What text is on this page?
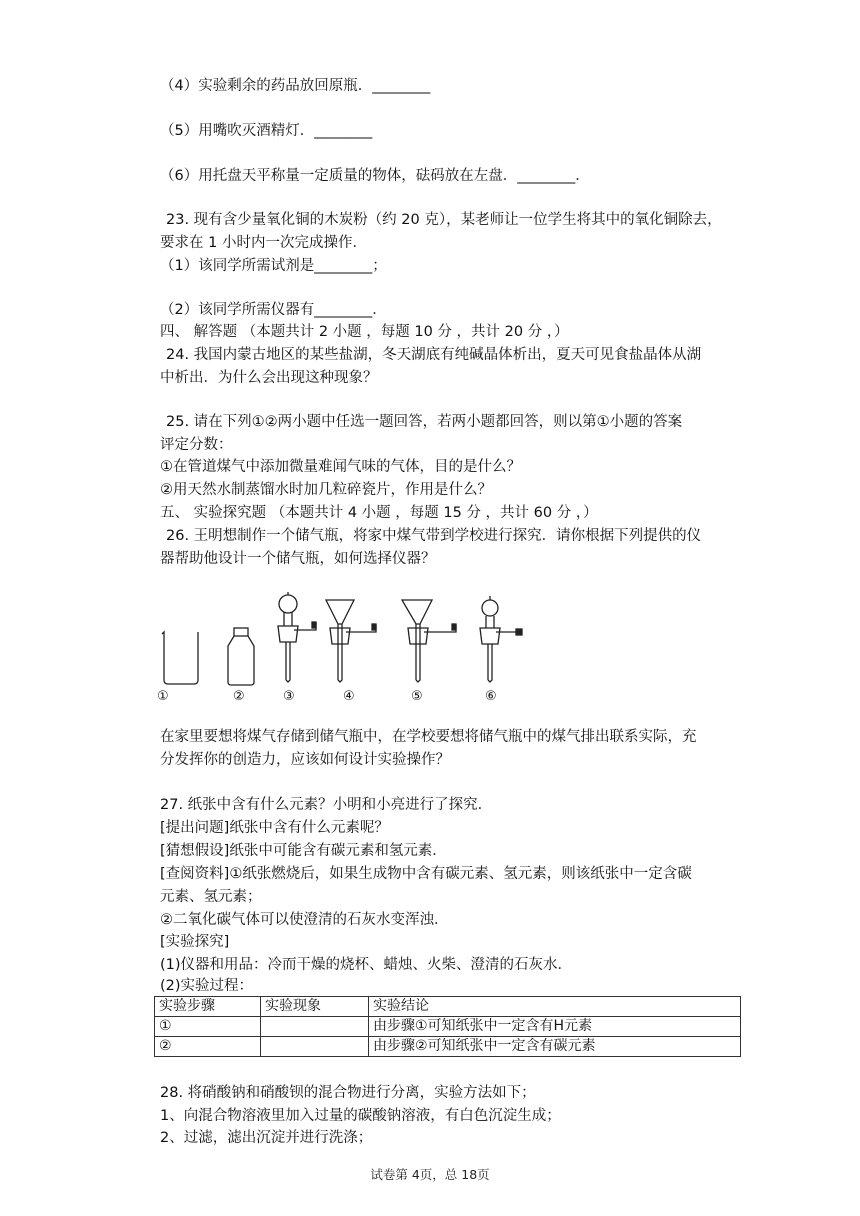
（4）实验剩余的药品放回原瓶．________
（5）用嘴吹灭酒精灯．________
（6）用托盘天平称量一定质量的物体，砝码放在左盘．________．
23. 现有含少量氧化铜的木炭粉（约 20 克），某老师让一位学生将其中的氧化铜除去，
要求在 1 小时内一次完成操作．
（1）该同学所需试剂是________；
（2）该同学所需仪器有________．
四、 解答题 （本题共计 2 小题 ，每题 10 分 ，共计 20 分 ，）
24. 我国内蒙古地区的某些盐湖，冬天湖底有纯碱晶体析出，夏天可见食盐晶体从湖
中析出．为什么会出现这种现象？
25. 请在下列①②两小题中任选一题回答，若两小题都回答，则以第①小题的答案
评定分数：
①在管道煤气中添加微量难闻气味的气体，目的是什么？
②用天然水制蒸馏水时加几粒碎瓷片，作用是什么？
五、 实验探究题 （本题共计 4 小题 ，每题 15 分 ，共计 60 分 ，）
26. 王明想制作一个储气瓶，将家中煤气带到学校进行探究．请你根据下列提供的仪
器帮助他设计一个储气瓶，如何选择仪器？
①	②	③	④	⑤	⑥
在家里要想将煤气存储到储气瓶中，在学校要想将储气瓶中的煤气排出联系实际，充
分发挥你的创造力，应该如何设计实验操作？
27. 纸张中含有什么元素？小明和小亮进行了探究．
[提出问题]纸张中含有什么元素呢？
[猜想假设]纸张中可能含有碳元素和氢元素．
[查阅资料]①纸张燃烧后，如果生成物中含有碳元素、氢元素，则该纸张中一定含碳
元素、氢元素；
②二氧化碳气体可以使澄清的石灰水变浑浊．
[实验探究]
(1)仪器和用品：冷而干燥的烧杯、蜡烛、火柴、澄清的石灰水．
(2)实验过程：
实验步骤	实验现象	实验结论
①		由步骤①可知纸张中一定含有H元素
②		由步骤②可知纸张中一定含有碳元素
28. 将硝酸钠和硝酸钡的混合物进行分离，实验方法如下；
1、向混合物溶液里加入过量的碳酸钠溶液，有白色沉淀生成；
2、过滤，滤出沉淀并进行洗涤；
试卷第 4页，总 18页
